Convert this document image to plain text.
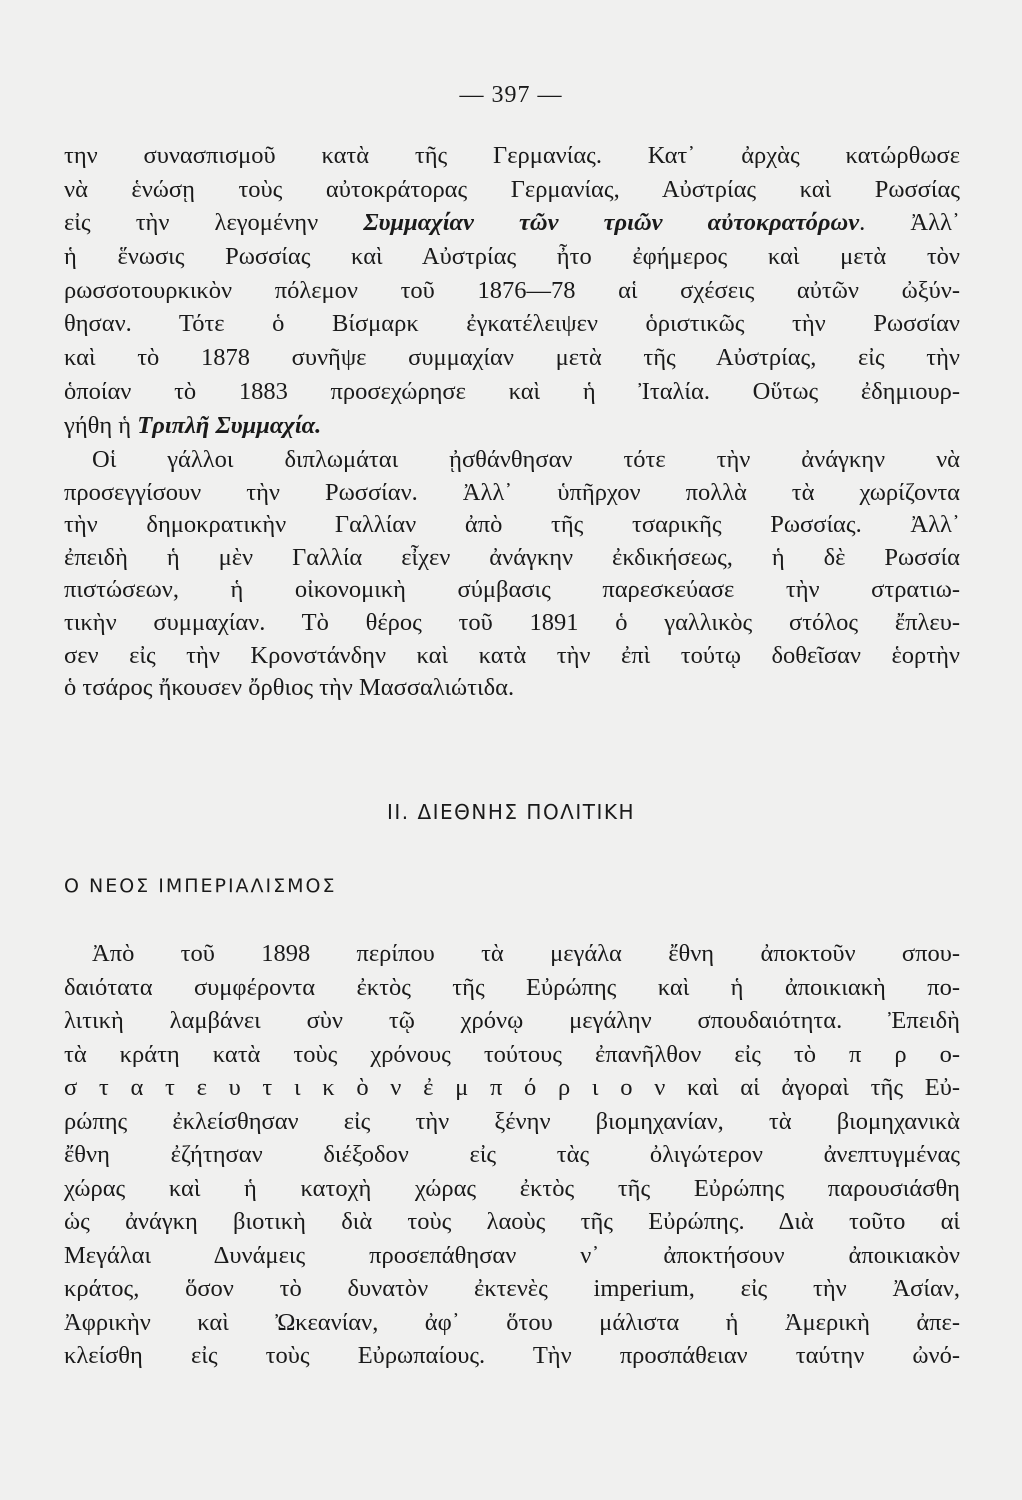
— 397 —
την συνασπισμοῦ κατὰ τῆς Γερμανίας. Κατ᾽ ἀρχὰς κατώρθωσε
νὰ ἑνώσῃ τοὺς αὐτοκράτορας Γερμανίας, Αὐστρίας καὶ Ρωσσίας
εἰς τὴν λεγομένην Συμμαχίαν τῶν τριῶν αὐτοκρατόρων. Ἀλλ᾽
ἡ ἕνωσις Ρωσσίας καὶ Αὐστρίας ἦτο ἐφήμερος καὶ μετὰ τὸν
ρωσσοτουρκικὸν πόλεμον τοῦ 1876—78 αἱ σχέσεις αὐτῶν ὠξύν-
θησαν. Τότε ὁ Βίσμαρκ ἐγκατέλειψεν ὁριστικῶς τὴν Ρωσσίαν
καὶ τὸ 1878 συνῆψε συμμαχίαν μετὰ τῆς Αὐστρίας, εἰς τὴν
ὁποίαν τὸ 1883 προσεχώρησε καὶ ἡ Ἰταλία. Οὕτως ἐδημιουρ-
γήθη ἡ Τριπλῆ Συμμαχία.
Οἱ γάλλοι διπλωμάται ᾐσθάνθησαν τότε τὴν ἀνάγκην νὰ
προσεγγίσουν τὴν Ρωσσίαν. Ἀλλ᾽ ὑπῆρχον πολλὰ τὰ χωρίζοντα
τὴν δημοκρατικὴν Γαλλίαν ἀπὸ τῆς τσαρικῆς Ρωσσίας. Ἀλλ᾽
ἐπειδὴ ἡ μὲν Γαλλία εἶχεν ἀνάγκην ἐκδικήσεως, ἡ δὲ Ρωσσία
πιστώσεων, ἡ οἰκονομικὴ σύμβασις παρεσκεύασε τὴν στρατιω-
τικὴν συμμαχίαν. Τὸ θέρος τοῦ 1891 ὁ γαλλικὸς στόλος ἔπλευ-
σεν εἰς τὴν Κρονστάνδην καὶ κατὰ τὴν ἐπὶ τούτῳ δοθεῖσαν ἑορτὴν
ὁ τσάρος ἤκουσεν ὄρθιος τὴν Μασσαλιώτιδα.
II. ΔΙΕΘΝΗΣ ΠΟΛΙΤΙΚΗ
Ο ΝΕΟΣ ΙΜΠΕΡΙΑΛΙΣΜΟΣ
Ἀπὸ τοῦ 1898 περίπου τὰ μεγάλα ἔθνη ἀποκτοῦν σπου-
δαιότατα συμφέροντα ἐκτὸς τῆς Εὐρώπης καὶ ἡ ἀποικιακὴ πο-
λιτικὴ λαμβάνει σὺν τῷ χρόνῳ μεγάλην σπουδαιότητα. Ἐπειδὴ
τὰ κράτη κατὰ τοὺς χρόνους τούτους ἐπανῆλθον εἰς τὸ π ρ ο-
σ τ α τ ε υ τ ι κ ὸ ν ἐ μ π ό ρ ι ο ν καὶ αἱ ἀγοραὶ τῆς Εὐ-
ρώπης ἐκλείσθησαν εἰς τὴν ξένην βιομηχανίαν, τὰ βιομηχανικὰ
ἔθνη ἐζήτησαν διέξοδον εἰς τὰς ὀλιγώτερον ἀνεπτυγμένας
χώρας καὶ ἡ κατοχὴ χώρας ἐκτὸς τῆς Εὐρώπης παρουσιάσθη
ὡς ἀνάγκη βιοτικὴ διὰ τοὺς λαοὺς τῆς Εὐρώπης. Διὰ τοῦτο αἱ
Μεγάλαι Δυνάμεις προσεπάθησαν ν᾽ ἀποκτήσουν ἀποικιακὸν
κράτος, ὅσον τὸ δυνατὸν ἐκτενὲς imperium, εἰς τὴν Ἀσίαν,
Ἀφρικὴν καὶ Ὠκεανίαν, ἀφ᾽ ὅτου μάλιστα ἡ Ἀμερικὴ ἀπε-
κλείσθη εἰς τοὺς Εὐρωπαίους. Τὴν προσπάθειαν ταύτην ὠνό-
